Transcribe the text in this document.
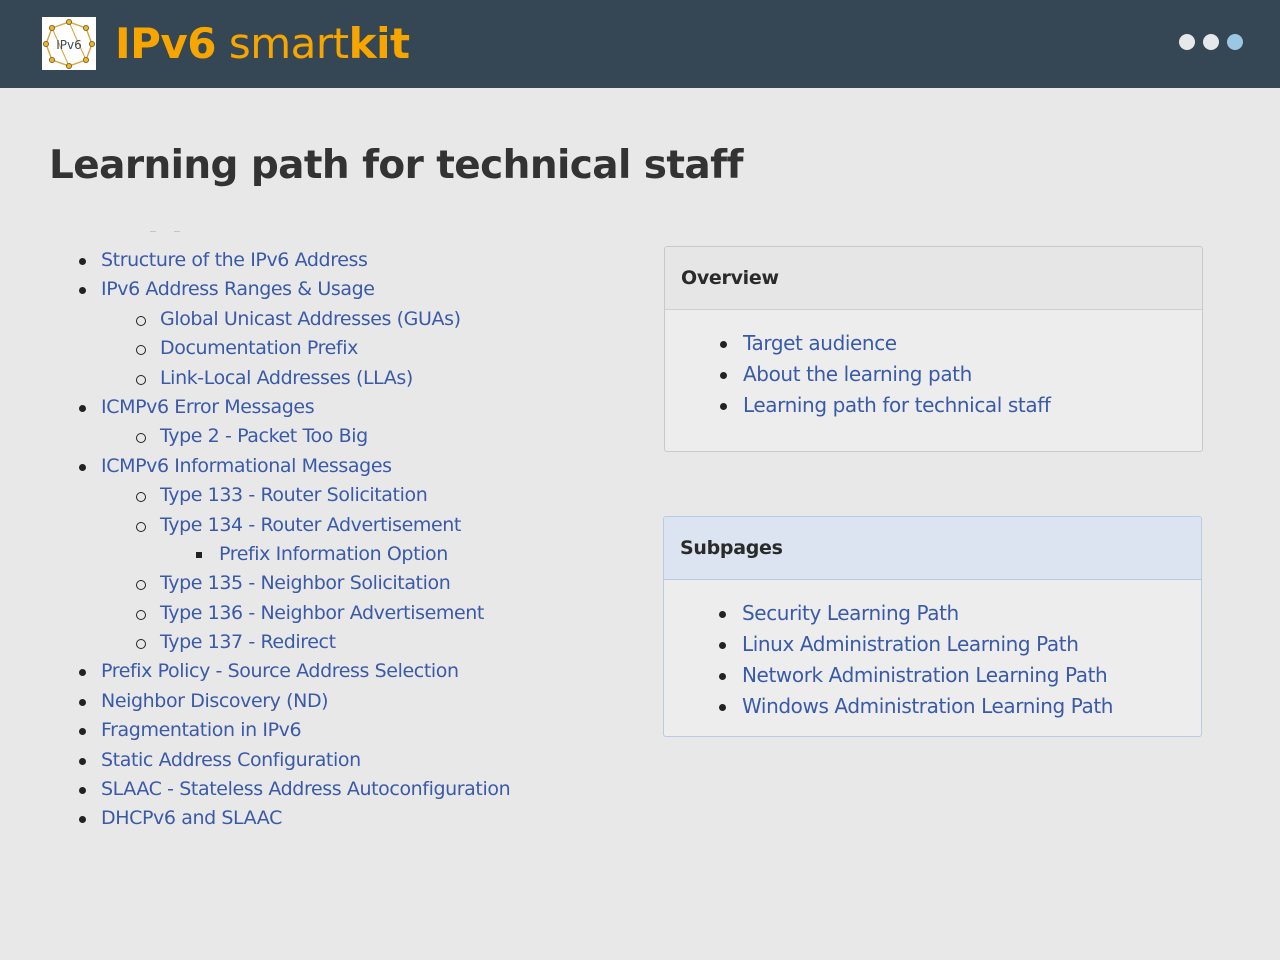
IPv6 IPv6 smartkit
Learning path for technical staff
Structure of the IPv6 Address
IPv6 Address Ranges & Usage
Global Unicast Addresses (GUAs)
Documentation Prefix
Link-Local Addresses (LLAs)
ICMPv6 Error Messages
Type 2 - Packet Too Big
ICMPv6 Informational Messages
Type 133 - Router Solicitation
Type 134 - Router Advertisement
Prefix Information Option
Type 135 - Neighbor Solicitation
Type 136 - Neighbor Advertisement
Type 137 - Redirect
Prefix Policy - Source Address Selection
Neighbor Discovery (ND)
Fragmentation in IPv6
Static Address Configuration
SLAAC - Stateless Address Autoconfiguration
DHCPv6 and SLAAC
Overview
Target audience
About the learning path
Learning path for technical staff
Subpages
Security Learning Path
Linux Administration Learning Path
Network Administration Learning Path
Windows Administration Learning Path
